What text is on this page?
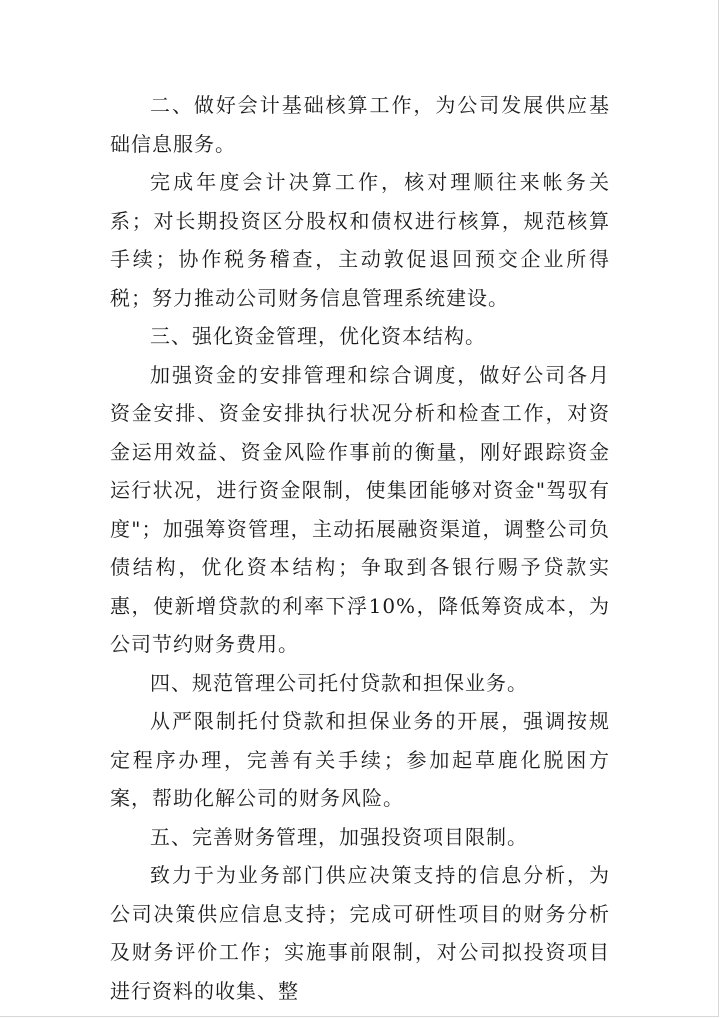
二、做好会计基础核算工作，为公司发展供应基础信息服务。

完成年度会计决算工作，核对理顺往来帐务关系；对长期投资区分股权和债权进行核算，规范核算手续；协作税务稽查，主动敦促退回预交企业所得税；努力推动公司财务信息管理系统建设。

三、强化资金管理，优化资本结构。

加强资金的安排管理和综合调度，做好公司各月资金安排、资金安排执行状况分析和检查工作，对资金运用效益、资金风险作事前的衡量，刚好跟踪资金运行状况，进行资金限制，使集团能够对资金"驾驭有度"；加强筹资管理，主动拓展融资渠道，调整公司负债结构，优化资本结构；争取到各银行赐予贷款实惠，使新增贷款的利率下浮10%，降低筹资成本，为公司节约财务费用。

四、规范管理公司托付贷款和担保业务。

从严限制托付贷款和担保业务的开展，强调按规定程序办理，完善有关手续；参加起草鹿化脱困方案，帮助化解公司的财务风险。

五、完善财务管理，加强投资项目限制。

致力于为业务部门供应决策支持的信息分析，为公司决策供应信息支持；完成可研性项目的财务分析及财务评价工作；实施事前限制，对公司拟投资项目进行资料的收集、整
